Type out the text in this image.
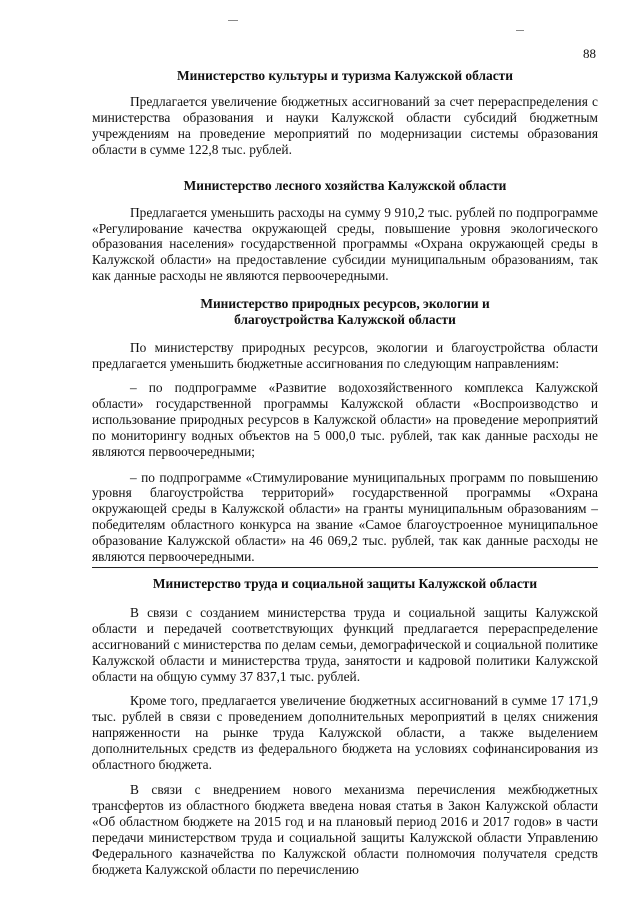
88
Министерство культуры и туризма Калужской области

Предлагается увеличение бюджетных ассигнований за счет перераспределения с министерства образования и науки Калужской области субсидий бюджетным учреждениям на проведение мероприятий по модернизации системы образования области в сумме 122,8 тыс. рублей.

Министерство лесного хозяйства Калужской области

Предлагается уменьшить расходы на сумму 9 910,2 тыс. рублей по подпрограмме «Регулирование качества окружающей среды, повышение уровня экологического образования населения» государственной программы «Охрана окружающей среды в Калужской области» на предоставление субсидии муниципальным образованиям, так как данные расходы не являются первоочередными.

Министерство природных ресурсов, экологии и
благоустройства Калужской области

По министерству природных ресурсов, экологии и благоустройства области предлагается уменьшить бюджетные ассигнования по следующим направлениям:

– по подпрограмме «Развитие водохозяйственного комплекса Калужской области» государственной программы Калужской области «Воспроизводство и использование природных ресурсов в Калужской области» на проведение мероприятий по мониторингу водных объектов на 5 000,0 тыс. рублей, так как данные расходы не являются первоочередными;

– по подпрограмме «Стимулирование муниципальных программ по повышению уровня благоустройства территорий» государственной программы «Охрана окружающей среды в Калужской области» на гранты муниципальным образованиям – победителям областного конкурса на звание «Самое благоустроенное муниципальное образование Калужской области» на 46 069,2 тыс. рублей, так как данные расходы не являются первоочередными.

Министерство труда и социальной защиты Калужской области

В связи с созданием министерства труда и социальной защиты Калужской области и передачей соответствующих функций предлагается перераспределение ассигнований с министерства по делам семьи, демографической и социальной политике Калужской области и министерства труда, занятости и кадровой политики Калужской области на общую сумму 37 837,1 тыс. рублей.

Кроме того, предлагается увеличение бюджетных ассигнований в сумме 17 171,9 тыс. рублей в связи с проведением дополнительных мероприятий в целях снижения напряженности на рынке труда Калужской области, а также выделением дополнительных средств из федерального бюджета на условиях софинансирования из областного бюджета.

В связи с внедрением нового механизма перечисления межбюджетных трансфертов из областного бюджета введена новая статья в Закон Калужской области «Об областном бюджете на 2015 год и на плановый период 2016 и 2017 годов» в части передачи министерством труда и социальной защиты Калужской области Управлению Федерального казначейства по Калужской области полномочия получателя средств бюджета Калужской области по перечислению
